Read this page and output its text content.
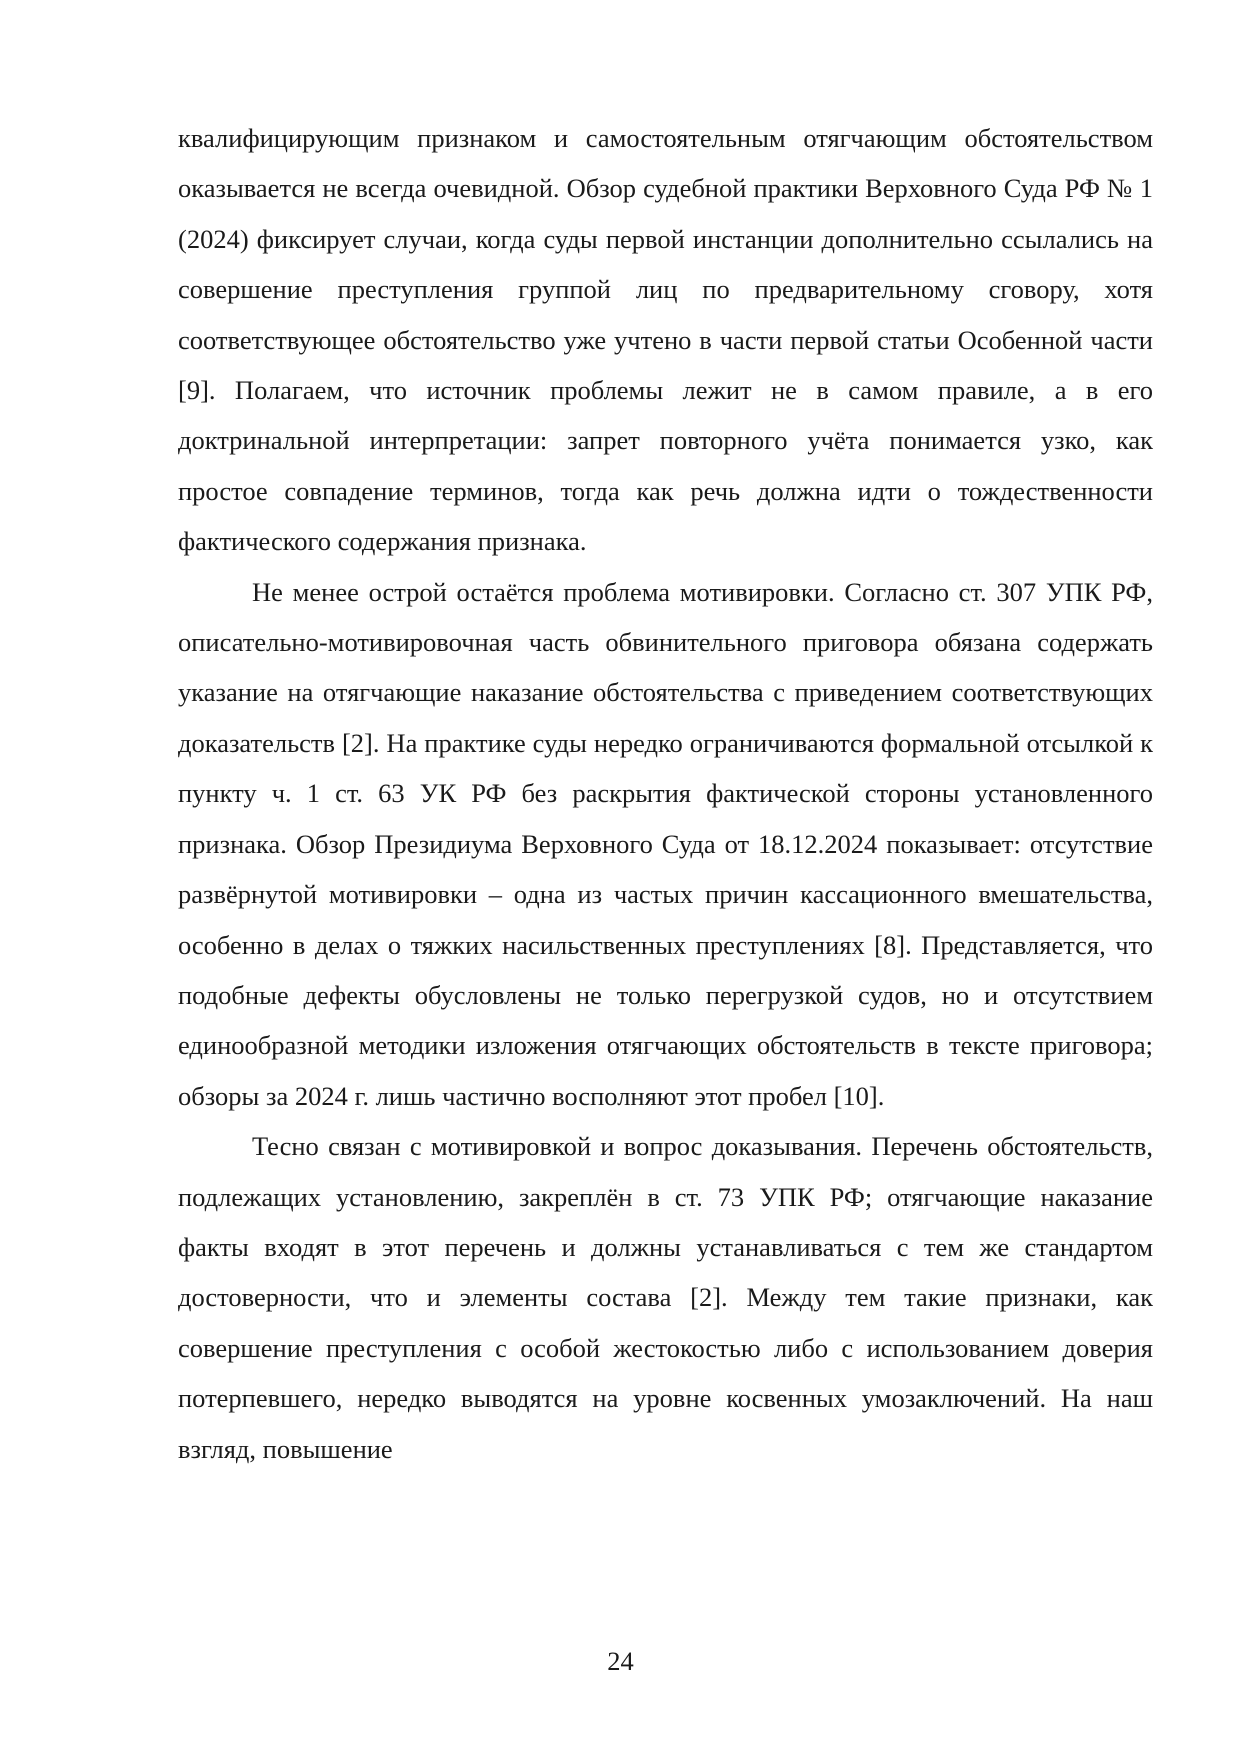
квалифицирующим признаком и самостоятельным отягчающим обстоятельством оказывается не всегда очевидной. Обзор судебной практики Верховного Суда РФ № 1 (2024) фиксирует случаи, когда суды первой инстанции дополнительно ссылались на совершение преступления группой лиц по предварительному сговору, хотя соответствующее обстоятельство уже учтено в части первой статьи Особенной части [9]. Полагаем, что источник проблемы лежит не в самом правиле, а в его доктринальной интерпретации: запрет повторного учёта понимается узко, как простое совпадение терминов, тогда как речь должна идти о тождественности фактического содержания признака.

Не менее острой остаётся проблема мотивировки. Согласно ст. 307 УПК РФ, описательно-мотивировочная часть обвинительного приговора обязана содержать указание на отягчающие наказание обстоятельства с приведением соответствующих доказательств [2]. На практике суды нередко ограничиваются формальной отсылкой к пункту ч. 1 ст. 63 УК РФ без раскрытия фактической стороны установленного признака. Обзор Президиума Верховного Суда от 18.12.2024 показывает: отсутствие развёрнутой мотивировки – одна из частых причин кассационного вмешательства, особенно в делах о тяжких насильственных преступлениях [8]. Представляется, что подобные дефекты обусловлены не только перегрузкой судов, но и отсутствием единообразной методики изложения отягчающих обстоятельств в тексте приговора; обзоры за 2024 г. лишь частично восполняют этот пробел [10].

Тесно связан с мотивировкой и вопрос доказывания. Перечень обстоятельств, подлежащих установлению, закреплён в ст. 73 УПК РФ; отягчающие наказание факты входят в этот перечень и должны устанавливаться с тем же стандартом достоверности, что и элементы состава [2]. Между тем такие признаки, как совершение преступления с особой жестокостью либо с использованием доверия потерпевшего, нередко выводятся на уровне косвенных умозаключений. На наш взгляд, повышение

24
